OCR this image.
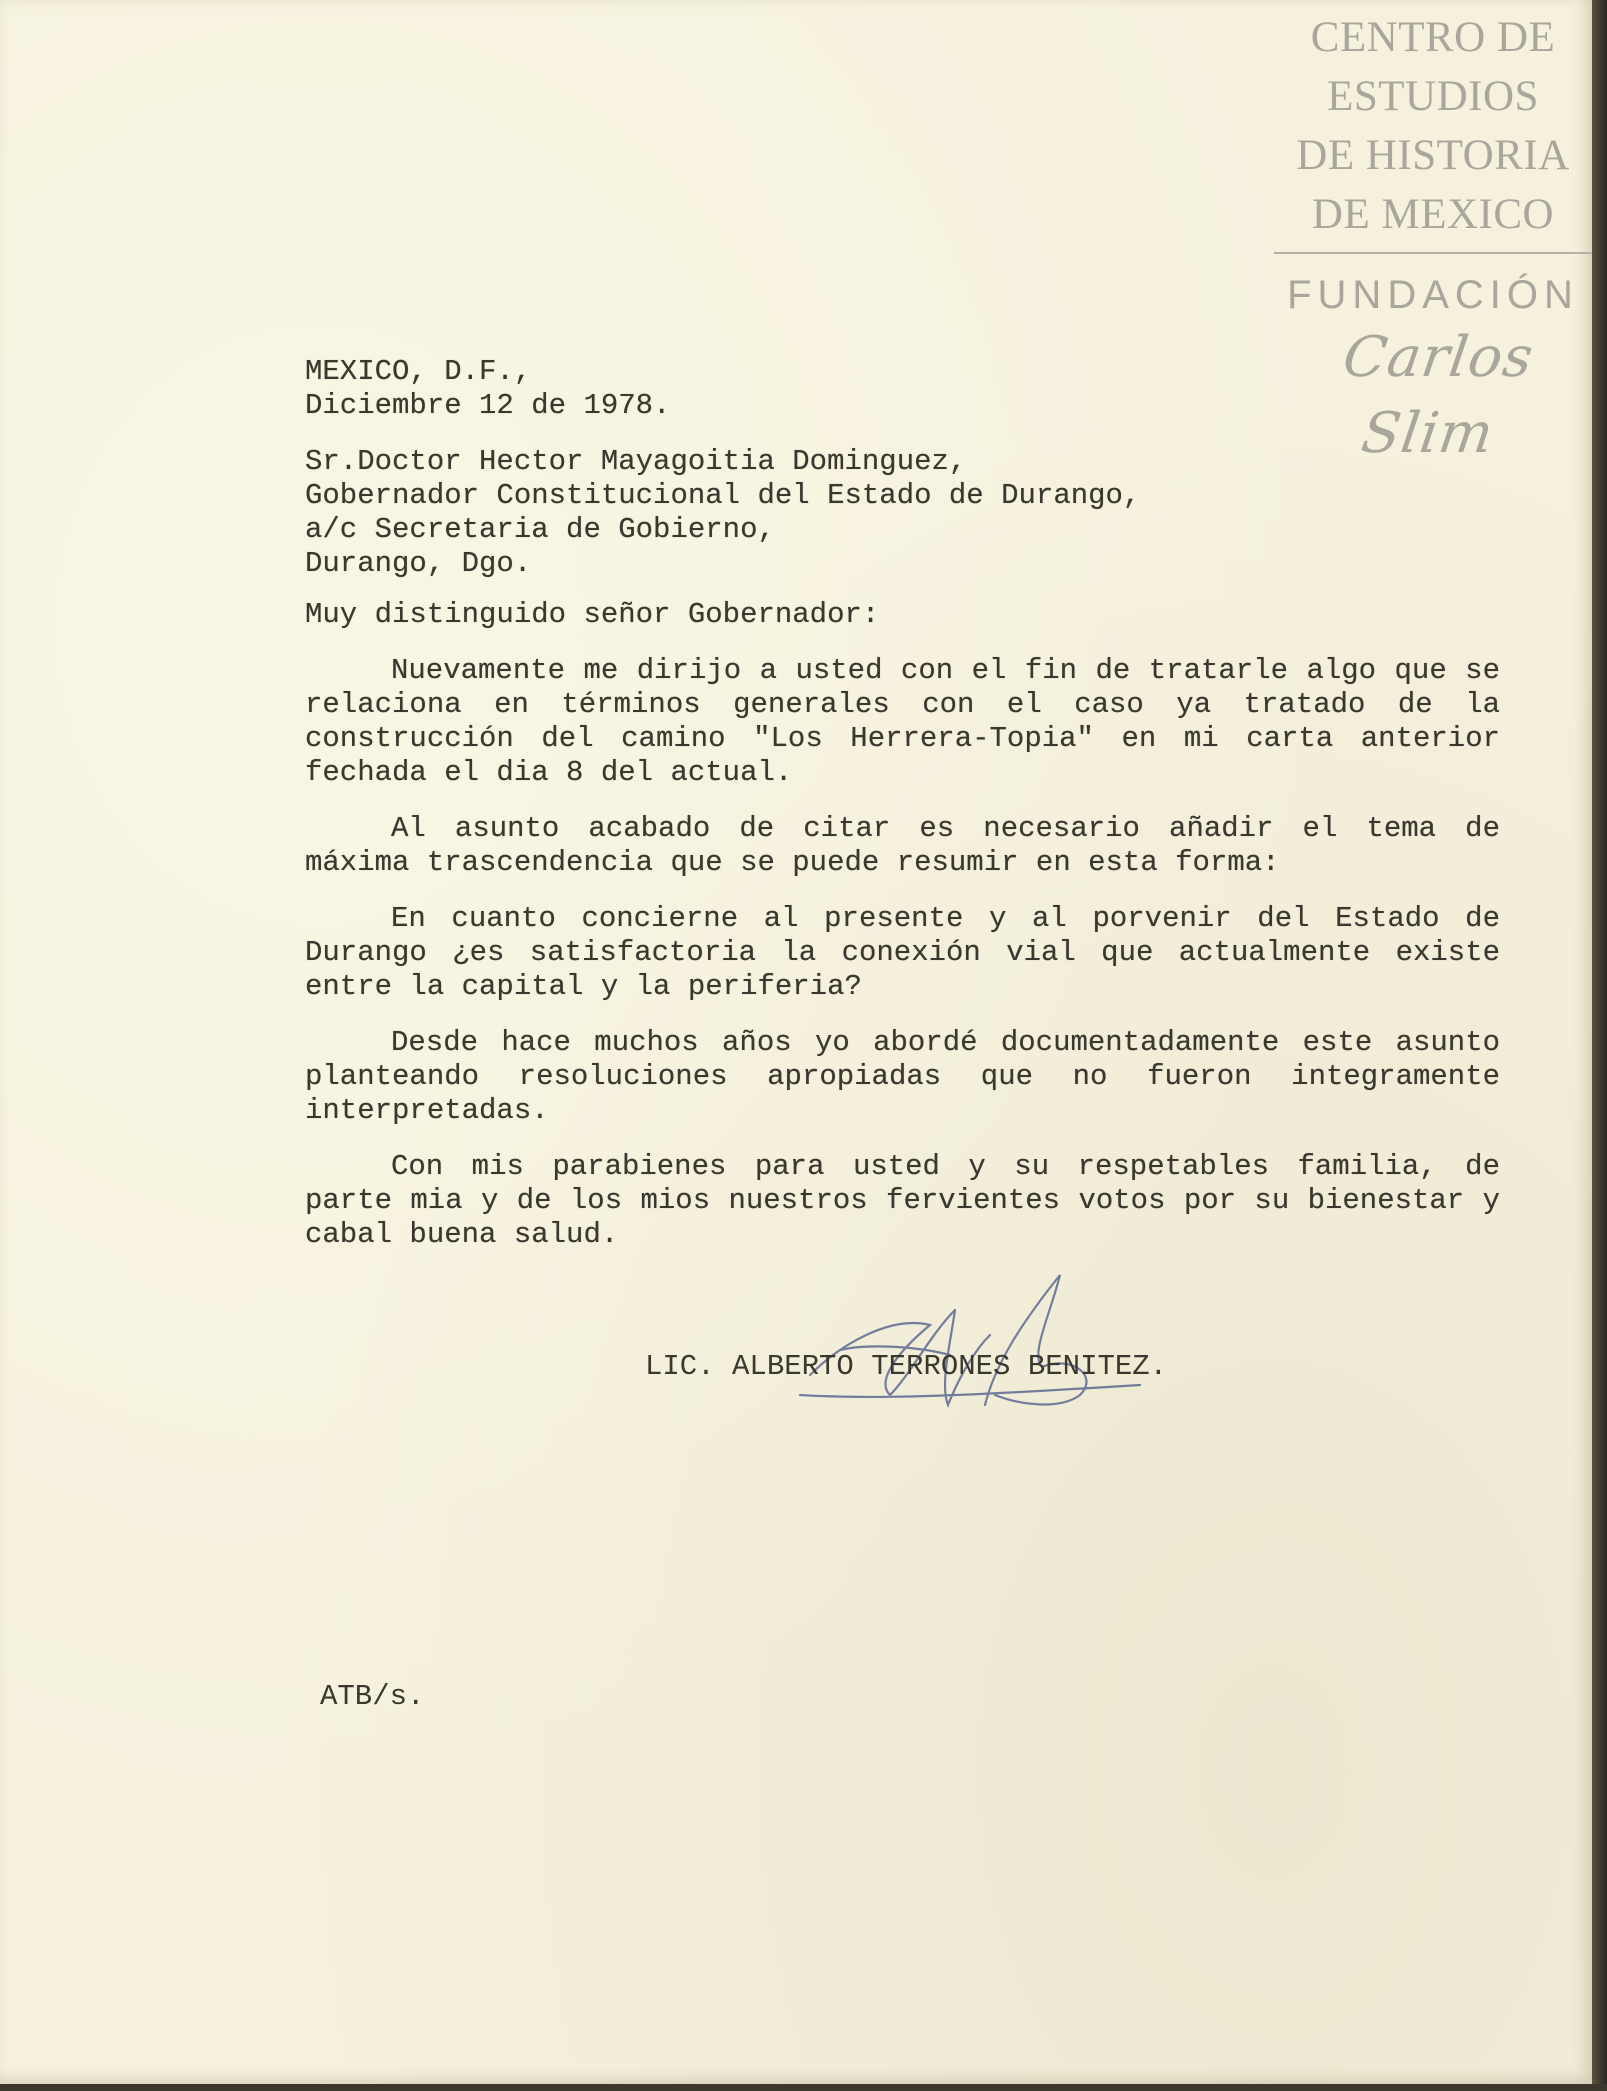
CENTRO DE
ESTUDIOS
DE HISTORIA
DE MEXICO
FUNDACIÓN
Carlos Slim
MEXICO, D.F.,
Diciembre 12 de 1978.
Sr.Doctor Hector Mayagoitia Dominguez,
Gobernador Constitucional del Estado de Durango,
a/c Secretaria de Gobierno,
Durango, Dgo.
Muy distinguido señor Gobernador:
Nuevamente me dirijo a usted con el fin de tratarle algo que se relaciona en términos generales con el caso ya tratado de la construcción del camino "Los Herrera-Topia" en mi carta anterior fechada el dia 8 del actual.
Al asunto acabado de citar es necesario añadir el tema de máxima trascendencia que se puede resumir en esta forma:
En cuanto concierne al presente y al porvenir del Estado de Durango ¿es satisfactoria la conexión vial que actualmente existe entre la capital y la periferia?
Desde hace muchos años yo abordé documentadamente este asunto planteando resoluciones apropiadas que no fueron integramente interpretadas.
Con mis parabienes para usted y su respetables familia, de parte mia y de los mios nuestros fervientes votos por su bienestar y cabal buena salud.
LIC. ALBERTO TERRONES BENITEZ.
ATB/s.
